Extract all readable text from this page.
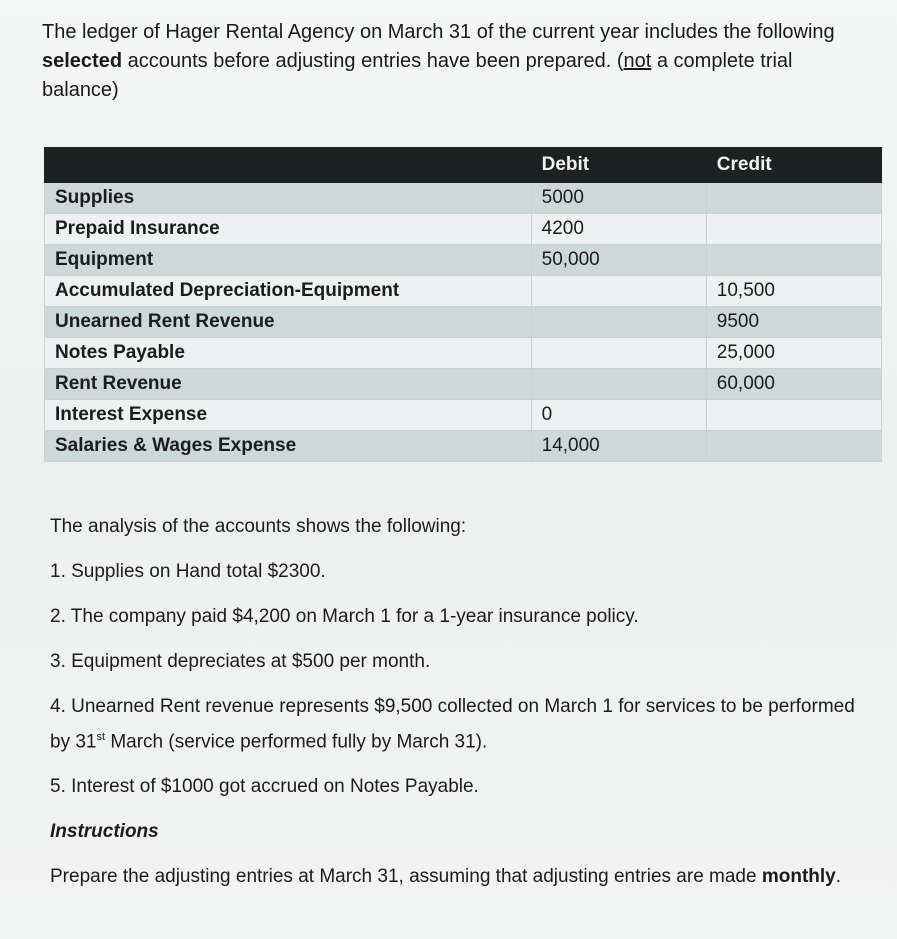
The ledger of Hager Rental Agency on March 31 of the current year includes the following selected accounts before adjusting entries have been prepared. (not a complete trial balance)
	Debit	Credit
Supplies	5000	
Prepaid Insurance	4200	
Equipment	50,000	
Accumulated Depreciation-Equipment		10,500
Unearned Rent Revenue		9500
Notes Payable		25,000
Rent Revenue		60,000
Interest Expense	0	
Salaries & Wages Expense	14,000	

The analysis of the accounts shows the following:

1. Supplies on Hand total $2300.

2. The company paid $4,200 on March 1 for a 1-year insurance policy.

3. Equipment depreciates at $500 per month.

4. Unearned Rent revenue represents $9,500 collected on March 1 for services to be performed by 31st March (service performed fully by March 31).

5. Interest of $1000 got accrued on Notes Payable.

Instructions

Prepare the adjusting entries at March 31, assuming that adjusting entries are made monthly.
